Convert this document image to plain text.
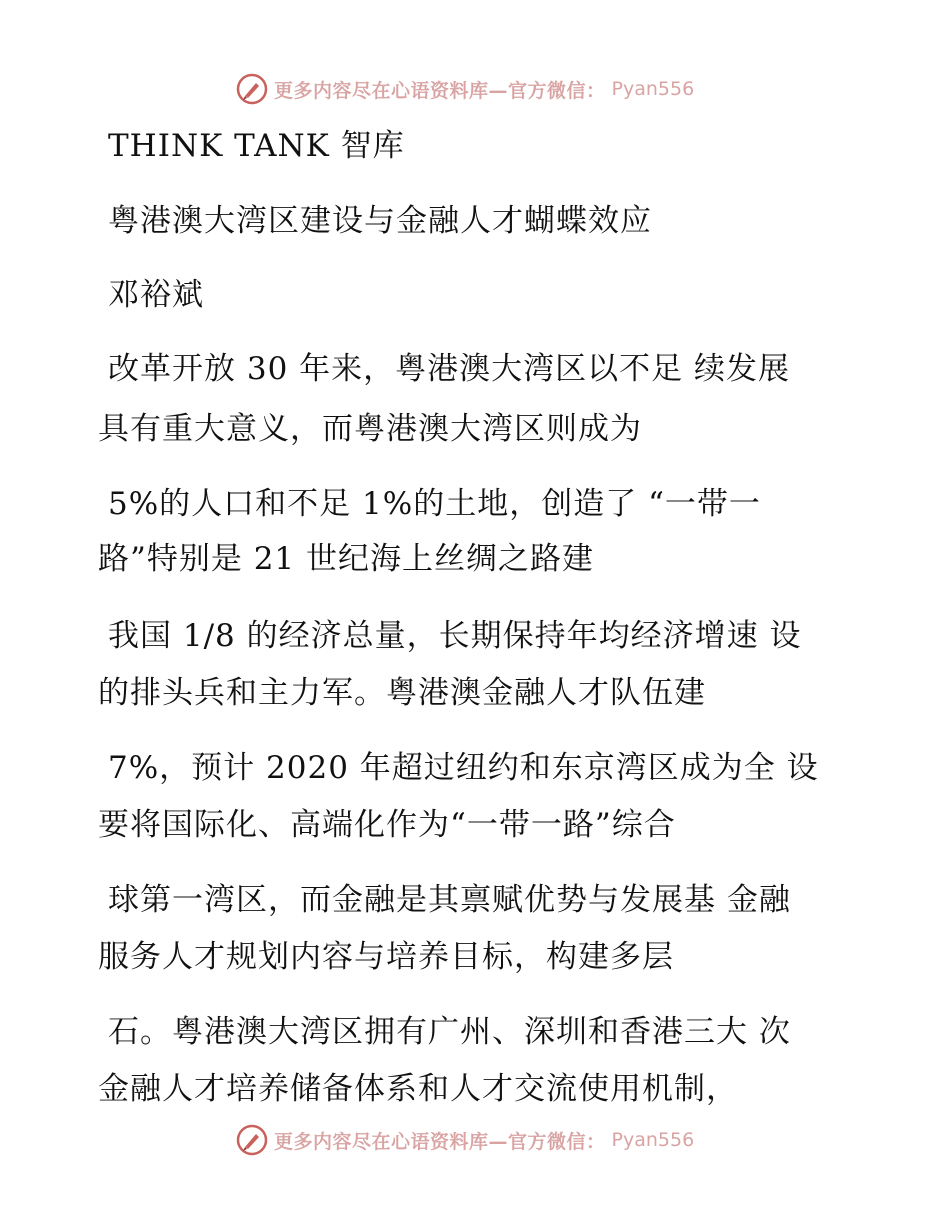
更多内容尽在心语资料库—官方微信： Pyan556

THINK TANK 智库

粤港澳大湾区建设与金融人才蝴蝶效应

邓裕斌

改革开放 30 年来，粤港澳大湾区以不足 续发展

具有重大意义，而粤港澳大湾区则成为

5%的人口和不足 1%的土地，创造了 “一带一

路”特别是 21 世纪海上丝绸之路建

我国 1/8 的经济总量，长期保持年均经济增速 设

的排头兵和主力军。粤港澳金融人才队伍建

7%，预计 2020 年超过纽约和东京湾区成为全 设

要将国际化、高端化作为“一带一路”综合

球第一湾区，而金融是其禀赋优势与发展基 金融

服务人才规划内容与培养目标，构建多层

石。粤港澳大湾区拥有广州、深圳和香港三大 次

金融人才培养储备体系和人才交流使用机制，

更多内容尽在心语资料库—官方微信： Pyan556
